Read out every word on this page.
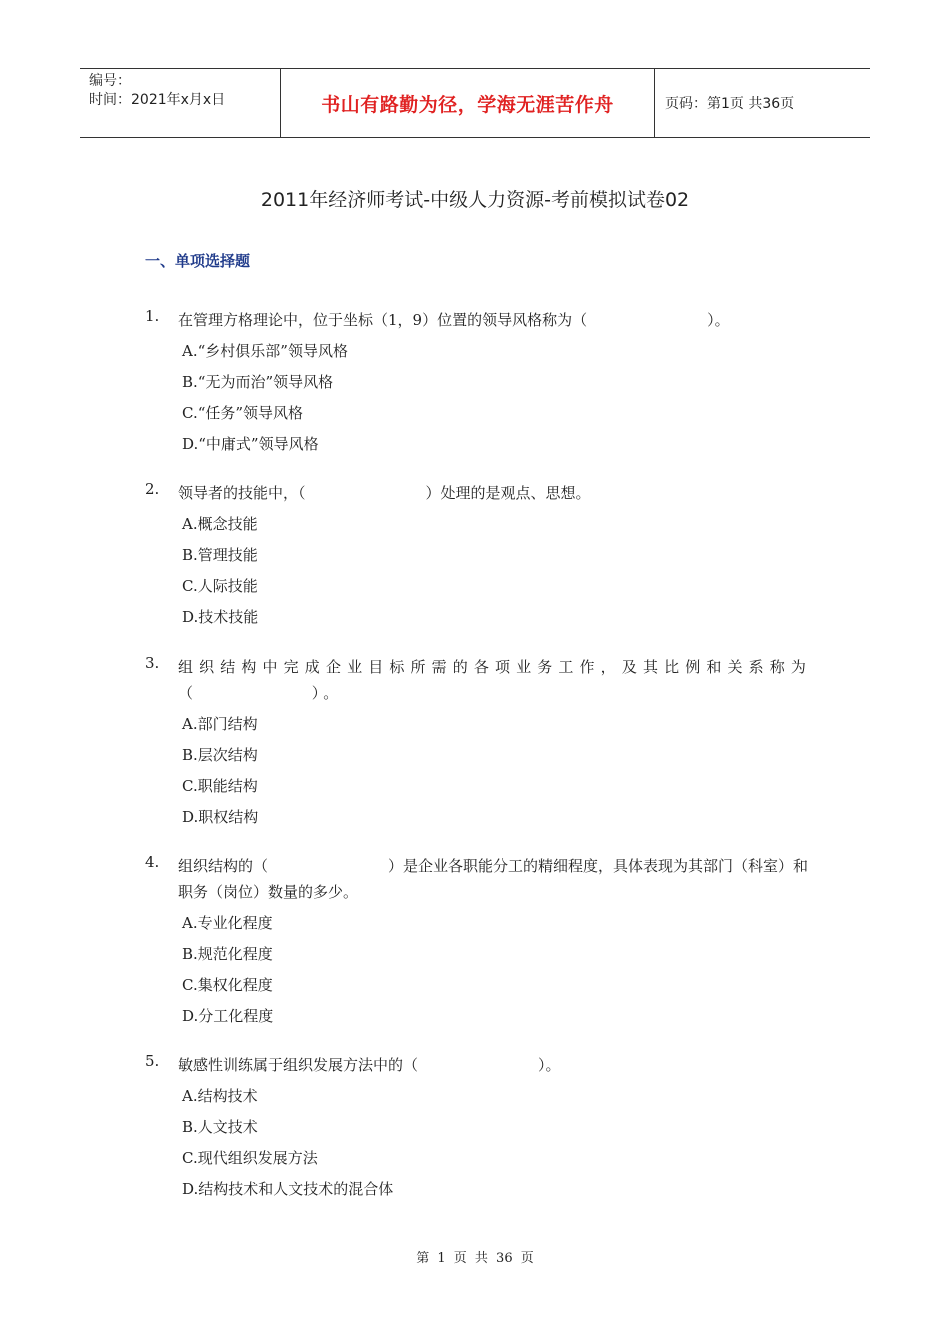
编号：
时间：2021年x月x日	书山有路勤为径，学海无涯苦作舟	页码：第1页 共36页
2011年经济师考试-中级人力资源-考前模拟试卷02
一、单项选择题
1. 在管理方格理论中，位于坐标（1，9）位置的领导风格称为（　　　　　　　　）。
A.“乡村俱乐部”领导风格
B.“无为而治”领导风格
C.“任务”领导风格
D.“中庸式”领导风格
2. 领导者的技能中，（　　　　　　　　）处理的是观点、思想。
A.概念技能
B.管理技能
C.人际技能
D.技术技能
3. 组织结构中完成企业目标所需的各项业务工作，及其比例和关系称为（　　　　　　）。
A.部门结构
B.层次结构
C.职能结构
D.职权结构
4. 组织结构的（　　　　　　　　）是企业各职能分工的精细程度，具体表现为其部门（科室）和职务（岗位）数量的多少。
A.专业化程度
B.规范化程度
C.集权化程度
D.分工化程度
5. 敏感性训练属于组织发展方法中的（　　　　　　　　）。
A.结构技术
B.人文技术
C.现代组织发展方法
D.结构技术和人文技术的混合体
第 1 页 共 36 页
